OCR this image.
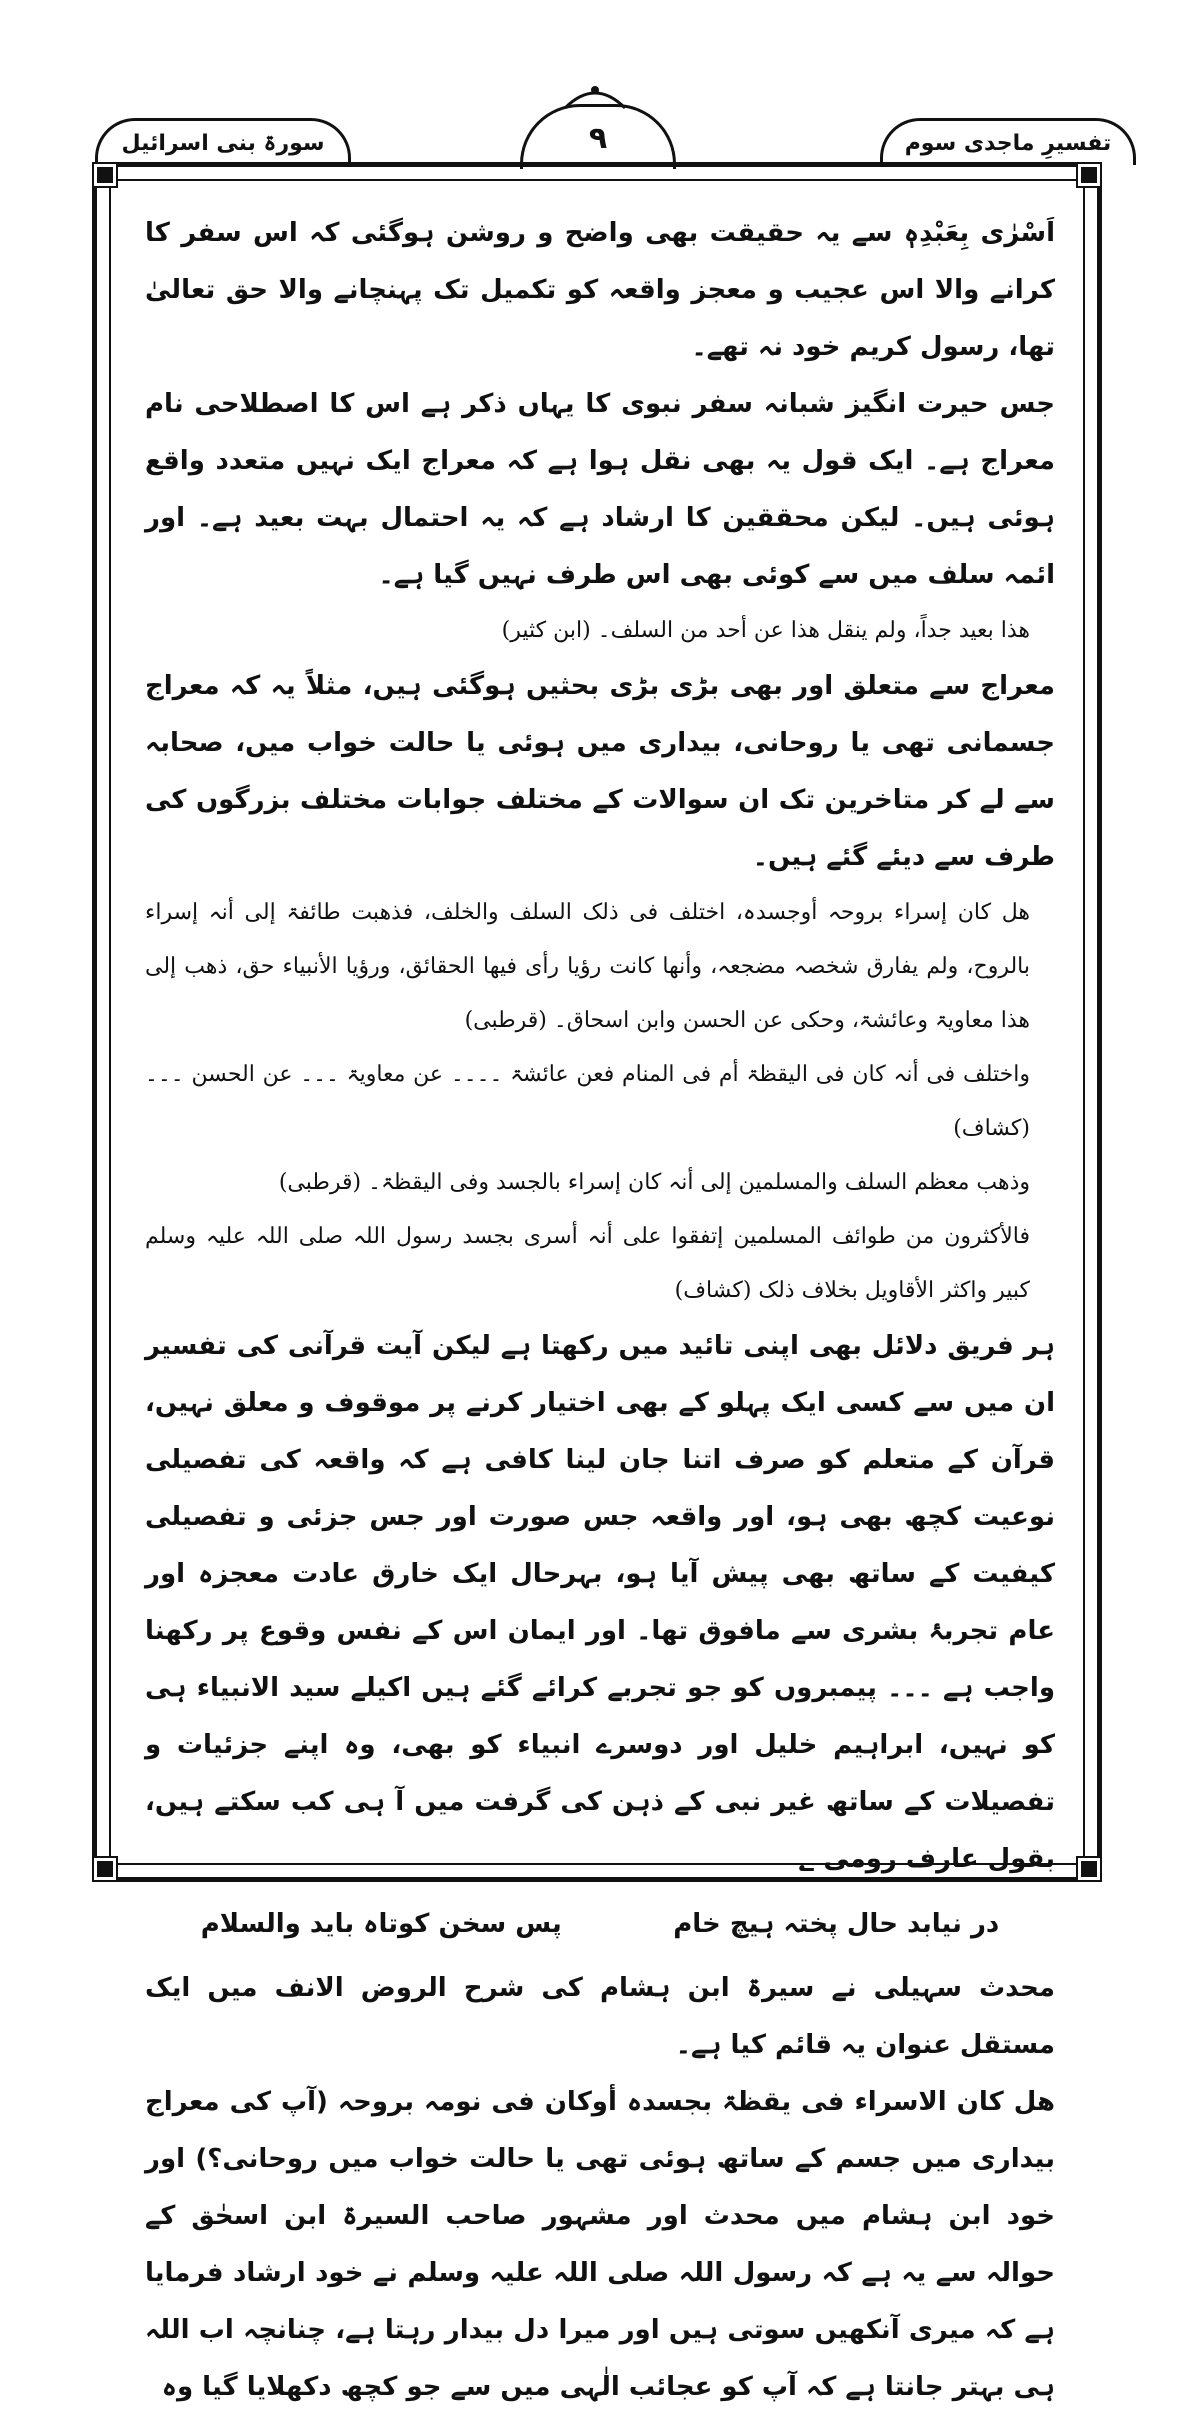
تفسیرِ ماجدی سوم
۹
سورۃ بنی اسرائیل

اَسْرٰی بِعَبْدِہٖ سے یہ حقیقت بھی واضح و روشن ہوگئی کہ اس سفر کا کرانے والا اس عجیب و معجز واقعہ کو تکمیل تک پہنچانے والا حق تعالیٰ تھا، رسول کریم خود نہ تھے۔

جس حیرت انگیز شبانہ سفر نبوی کا یہاں ذکر ہے اس کا اصطلاحی نام معراج ہے۔ ایک قول یہ بھی نقل ہوا ہے کہ معراج ایک نہیں متعدد واقع ہوئی ہیں۔ لیکن محققین کا ارشاد ہے کہ یہ احتمال بہت بعید ہے۔ اور ائمہ سلف میں سے کوئی بھی اس طرف نہیں گیا ہے۔

ھذا بعید جداً، ولم ینقل ھذا عن أحد من السلف۔ (ابن کثیر)

معراج سے متعلق اور بھی بڑی بڑی بحثیں ہوگئی ہیں، مثلاً یہ کہ معراج جسمانی تھی یا روحانی، بیداری میں ہوئی یا حالت خواب میں، صحابہ سے لے کر متاخرین تک ان سوالات کے مختلف جوابات مختلف بزرگوں کی طرف سے دیئے گئے ہیں۔

ھل کان إسراء بروحہ أوجسدہ، اختلف فی ذلک السلف والخلف، فذھبت طائفۃ إلی أنہ إسراء بالروح، ولم یفارق شخصہ مضجعہ، وأنھا کانت رؤیا رأی فیھا الحقائق، ورؤیا الأنبیاء حق، ذھب إلی ھذا معاویۃ وعائشۃ، وحکی عن الحسن وابن اسحاق۔ (قرطبی)

واختلف فی أنہ کان فی الیقظۃ أم فی المنام فعن عائشۃ ۔۔۔۔ عن معاویۃ ۔۔۔ عن الحسن ۔۔۔ (کشاف)

وذھب معظم السلف والمسلمین إلی أنہ کان إسراء بالجسد وفی الیقظۃ۔ (قرطبی)

فالأکثرون من طوائف المسلمین إتفقوا علی أنہ أسری بجسد رسول اللہ صلی اللہ علیہ وسلم کبیر واکثر الأقاویل بخلاف ذلک (کشاف)

ہر فریق دلائل بھی اپنی تائید میں رکھتا ہے لیکن آیت قرآنی کی تفسیر ان میں سے کسی ایک پہلو کے بھی اختیار کرنے پر موقوف و معلق نہیں، قرآن کے متعلم کو صرف اتنا جان لینا کافی ہے کہ واقعہ کی تفصیلی نوعیت کچھ بھی ہو، اور واقعہ جس صورت اور جس جزئی و تفصیلی کیفیت کے ساتھ بھی پیش آیا ہو، بہرحال ایک خارق عادت معجزہ اور عام تجربۂ بشری سے مافوق تھا۔ اور ایمان اس کے نفس وقوع پر رکھنا واجب ہے ۔۔۔ پیمبروں کو جو تجربے کرائے گئے ہیں اکیلے سید الانبیاء ہی کو نہیں، ابراہیم خلیل اور دوسرے انبیاء کو بھی، وہ اپنے جزئیات و تفصیلات کے ساتھ غیر نبی کے ذہن کی گرفت میں آ ہی کب سکتے ہیں، بقول عارف رومی ؂

در نیابد حال پختہ ہیچ خام
پس سخن کوتاہ باید والسلام

محدث سہیلی نے سیرۃ ابن ہشام کی شرح الروض الانف میں ایک مستقل عنوان یہ قائم کیا ہے۔

ھل کان الاسراء فی یقظۃ بجسدہ أوکان فی نومہ بروحہ (آپ کی معراج بیداری میں جسم کے ساتھ ہوئی تھی یا حالت خواب میں روحانی؟) اور خود ابن ہشام میں محدث اور مشہور صاحب السیرۃ ابن اسحٰق کے حوالہ سے یہ ہے کہ رسول اللہ صلی اللہ علیہ وسلم نے خود ارشاد فرمایا ہے کہ میری آنکھیں سوتی ہیں اور میرا دل بیدار رہتا ہے، چنانچہ اب اللہ ہی بہتر جانتا ہے کہ آپ کو عجائب الٰہی میں سے جو کچھ دکھلایا گیا وہ
